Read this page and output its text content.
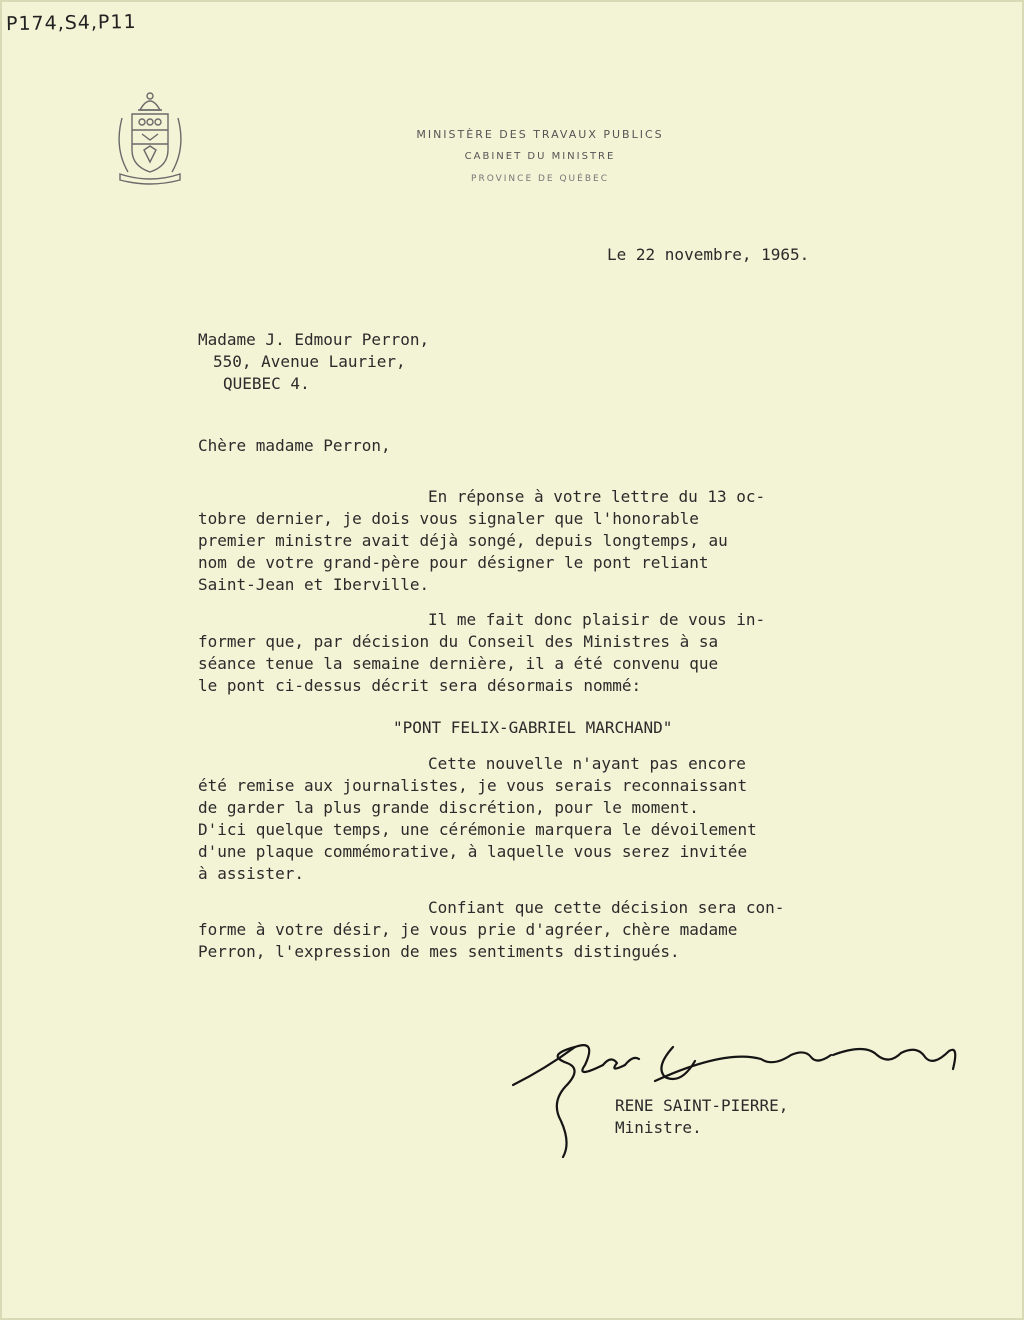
P174,S4,P11
MINISTÈRE DES TRAVAUX PUBLICS
CABINET DU MINISTRE
PROVINCE DE QUÉBEC
Le 22 novembre, 1965.
Madame J. Edmour Perron,
550, Avenue Laurier,
QUEBEC 4.
Chère madame Perron,
En réponse à votre lettre du 13 oc-
tobre dernier, je dois vous signaler que l'honorable
premier ministre avait déjà songé, depuis longtemps, au
nom de votre grand-père pour désigner le pont reliant
Saint-Jean et Iberville.
Il me fait donc plaisir de vous in-
former que, par décision du Conseil des Ministres à sa
séance tenue la semaine dernière, il a été convenu que
le pont ci-dessus décrit sera désormais nommé:
"PONT FELIX-GABRIEL MARCHAND"
Cette nouvelle n'ayant pas encore
été remise aux journalistes, je vous serais reconnaissant
de garder la plus grande discrétion, pour le moment.
D'ici quelque temps, une cérémonie marquera le dévoilement
d'une plaque commémorative, à laquelle vous serez invitée
à assister.
Confiant que cette décision sera con-
forme à votre désir, je vous prie d'agréer, chère madame
Perron, l'expression de mes sentiments distingués.
RENE SAINT-PIERRE,
Ministre.
